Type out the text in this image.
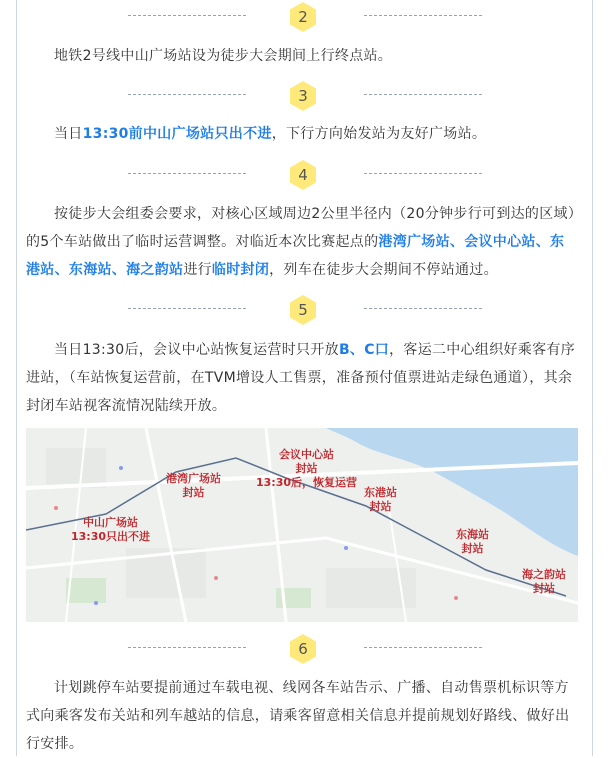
2
地铁2号线中山广场站设为徒步大会期间上行终点站。
3
当日13:30前中山广场站只出不进，下行方向始发站为友好广场站。
4
按徒步大会组委会要求，对核心区域周边2公里半径内（20分钟步行可到达的区域）的5个车站做出了临时运营调整。对临近本次比赛起点的港湾广场站、会议中心站、东港站、东海站、海之韵站进行临时封闭，列车在徒步大会期间不停站通过。
5
当日13:30后，会议中心站恢复运营时只开放B、C口，客运二中心组织好乘客有序进站，（车站恢复运营前，在TVM增设人工售票，准备预付值票进站走绿色通道），其余封闭车站视客流情况陆续开放。
中山广场站
13:30只出不进
港湾广场站
封站
会议中心站
封站
13:30后，恢复运营
东港站
封站
东海站
封站
海之韵站
封站
6
计划跳停车站要提前通过车载电视、线网各车站告示、广播、自动售票机标识等方式向乘客发布关站和列车越站的信息，请乘客留意相关信息并提前规划好路线、做好出行安排。
